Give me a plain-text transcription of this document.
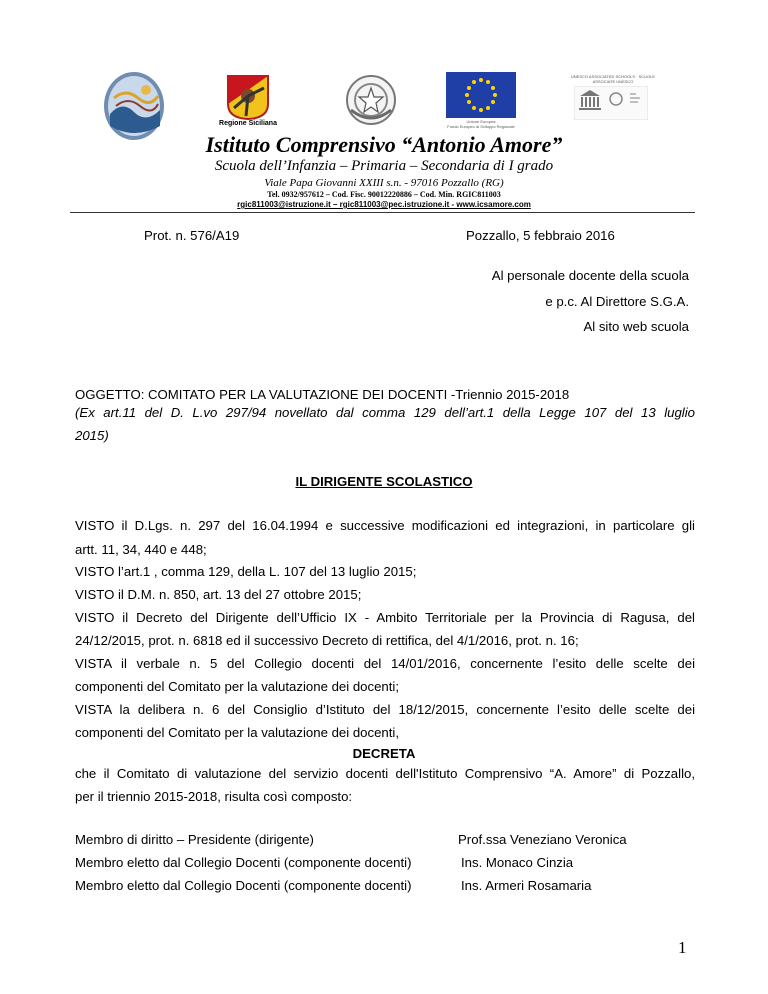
Regione Siciliana	Unione Europea
Fondo Europeo di Sviluppo Regionale
UNESCO ASSOCIATED SCHOOLS · SCUOLE ASSOCIATE UNESCO
Istituto Comprensivo “Antonio Amore”
Scuola dell’Infanzia – Primaria – Secondaria di I grado
Viale Papa Giovanni XXIII s.n. - 97016 Pozzallo (RG)
Tel. 0932/957612 – Cod. Fisc. 90012220886 – Cod. Min. RGIC811003
rgic811003@istruzione.it – rgic811003@pec.istruzione.it - www.icsamore.com
Prot. n. 576/A19	Pozzallo, 5 febbraio 2016
Al personale docente della scuola
e p.c. Al Direttore S.G.A.
Al sito web scuola
OGGETTO: COMITATO PER LA VALUTAZIONE DEI DOCENTI -Triennio 2015-2018
(Ex art.11 del D. L.vo 297/94 novellato dal comma 129 dell’art.1 della Legge 107 del 13 luglio
2015)
IL DIRIGENTE SCOLASTICO
VISTO il D.Lgs. n. 297 del 16.04.1994 e successive modificazioni ed integrazioni, in particolare gli
artt. 11, 34, 440 e 448;
VISTO l’art.1 , comma 129, della L. 107 del 13 luglio 2015;
VISTO il D.M. n. 850, art. 13 del 27 ottobre 2015;
VISTO il Decreto del Dirigente dell’Ufficio IX - Ambito Territoriale per la Provincia di Ragusa, del
24/12/2015, prot. n. 6818 ed il successivo Decreto di rettifica, del 4/1/2016, prot. n. 16;
VISTA il verbale n. 5 del Collegio docenti del 14/01/2016, concernente l’esito delle scelte dei
componenti del Comitato per la valutazione dei docenti;
VISTA la delibera n. 6 del Consiglio d’Istituto del 18/12/2015, concernente l’esito delle scelte dei
componenti del Comitato per la valutazione dei docenti,
DECRETA
che il Comitato di valutazione del servizio docenti dell'Istituto Comprensivo “A. Amore” di Pozzallo,
per il triennio 2015-2018, risulta così composto:
Membro di diritto – Presidente (dirigente)	Prof.ssa Veneziano Veronica
Membro eletto dal Collegio Docenti (componente docenti)	Ins. Monaco Cinzia
Membro eletto dal Collegio Docenti (componente docenti)	Ins. Armeri Rosamaria
1
